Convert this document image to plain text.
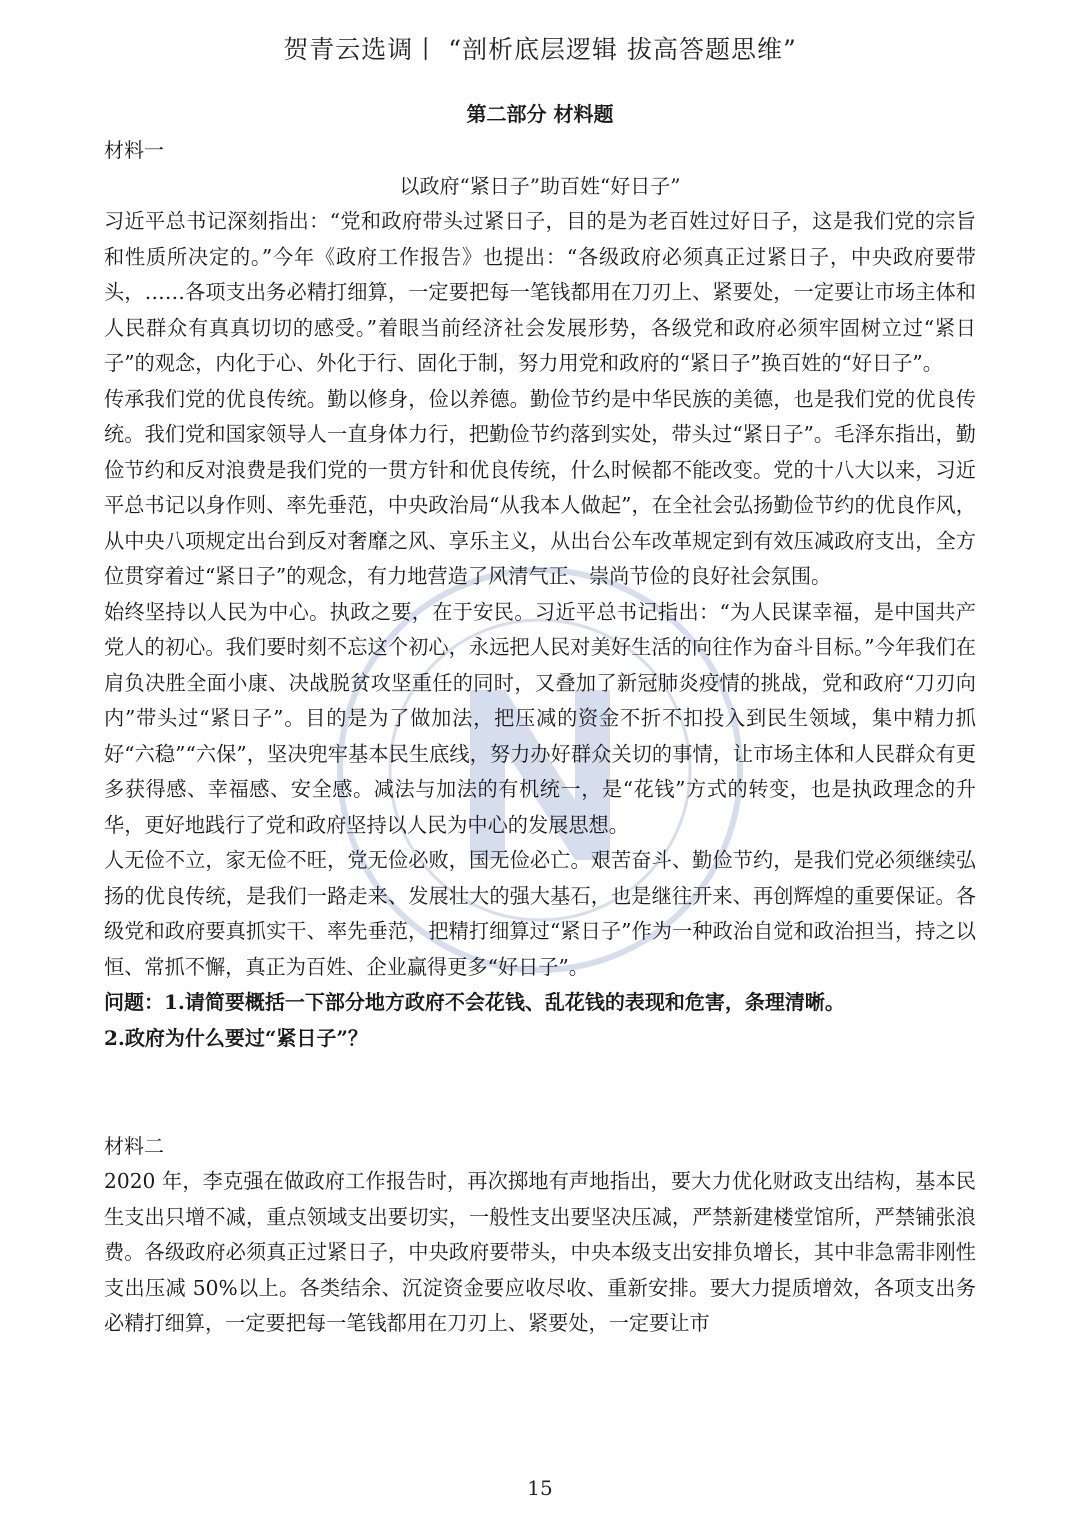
贺青云选调丨 “剖析底层逻辑 拔高答题思维”

第二部分 材料题

材料一

以政府“紧日子”助百姓“好日子”

习近平总书记深刻指出：“党和政府带头过紧日子，目的是为老百姓过好日子，这是我们党的宗旨和性质所决定的。”今年《政府工作报告》也提出：“各级政府必须真正过紧日子，中央政府要带头，……各项支出务必精打细算，一定要把每一笔钱都用在刀刃上、紧要处，一定要让市场主体和人民群众有真真切切的感受。”着眼当前经济社会发展形势，各级党和政府必须牢固树立过“紧日子”的观念，内化于心、外化于行、固化于制，努力用党和政府的“紧日子”换百姓的“好日子”。

传承我们党的优良传统。勤以修身，俭以养德。勤俭节约是中华民族的美德，也是我们党的优良传统。我们党和国家领导人一直身体力行，把勤俭节约落到实处，带头过“紧日子”。毛泽东指出，勤俭节约和反对浪费是我们党的一贯方针和优良传统，什么时候都不能改变。党的十八大以来，习近平总书记以身作则、率先垂范，中央政治局“从我本人做起”，在全社会弘扬勤俭节约的优良作风，从中央八项规定出台到反对奢靡之风、享乐主义，从出台公车改革规定到有效压减政府支出，全方位贯穿着过“紧日子”的观念，有力地营造了风清气正、崇尚节俭的良好社会氛围。

始终坚持以人民为中心。执政之要，在于安民。习近平总书记指出：“为人民谋幸福，是中国共产党人的初心。我们要时刻不忘这个初心，永远把人民对美好生活的向往作为奋斗目标。”今年我们在肩负决胜全面小康、决战脱贫攻坚重任的同时，又叠加了新冠肺炎疫情的挑战，党和政府“刀刃向内”带头过“紧日子”。目的是为了做加法，把压减的资金不折不扣投入到民生领域，集中精力抓好“六稳”“六保”，坚决兜牢基本民生底线，努力办好群众关切的事情，让市场主体和人民群众有更多获得感、幸福感、安全感。减法与加法的有机统一，是“花钱”方式的转变，也是执政理念的升华，更好地践行了党和政府坚持以人民为中心的发展思想。

人无俭不立，家无俭不旺，党无俭必败，国无俭必亡。艰苦奋斗、勤俭节约，是我们党必须继续弘扬的优良传统，是我们一路走来、发展壮大的强大基石，也是继往开来、再创辉煌的重要保证。各级党和政府要真抓实干、率先垂范，把精打细算过“紧日子”作为一种政治自觉和政治担当，持之以恒、常抓不懈，真正为百姓、企业赢得更多“好日子”。

问题：1.请简要概括一下部分地方政府不会花钱、乱花钱的表现和危害，条理清晰。

2.政府为什么要过“紧日子”？

材料二

2020 年，李克强在做政府工作报告时，再次掷地有声地指出，要大力优化财政支出结构，基本民生支出只增不减，重点领域支出要切实，一般性支出要坚决压减，严禁新建楼堂馆所，严禁铺张浪费。各级政府必须真正过紧日子，中央政府要带头，中央本级支出安排负增长，其中非急需非刚性支出压减 50%以上。各类结余、沉淀资金要应收尽收、重新安排。要大力提质增效，各项支出务必精打细算，一定要把每一笔钱都用在刀刃上、紧要处，一定要让市

15
